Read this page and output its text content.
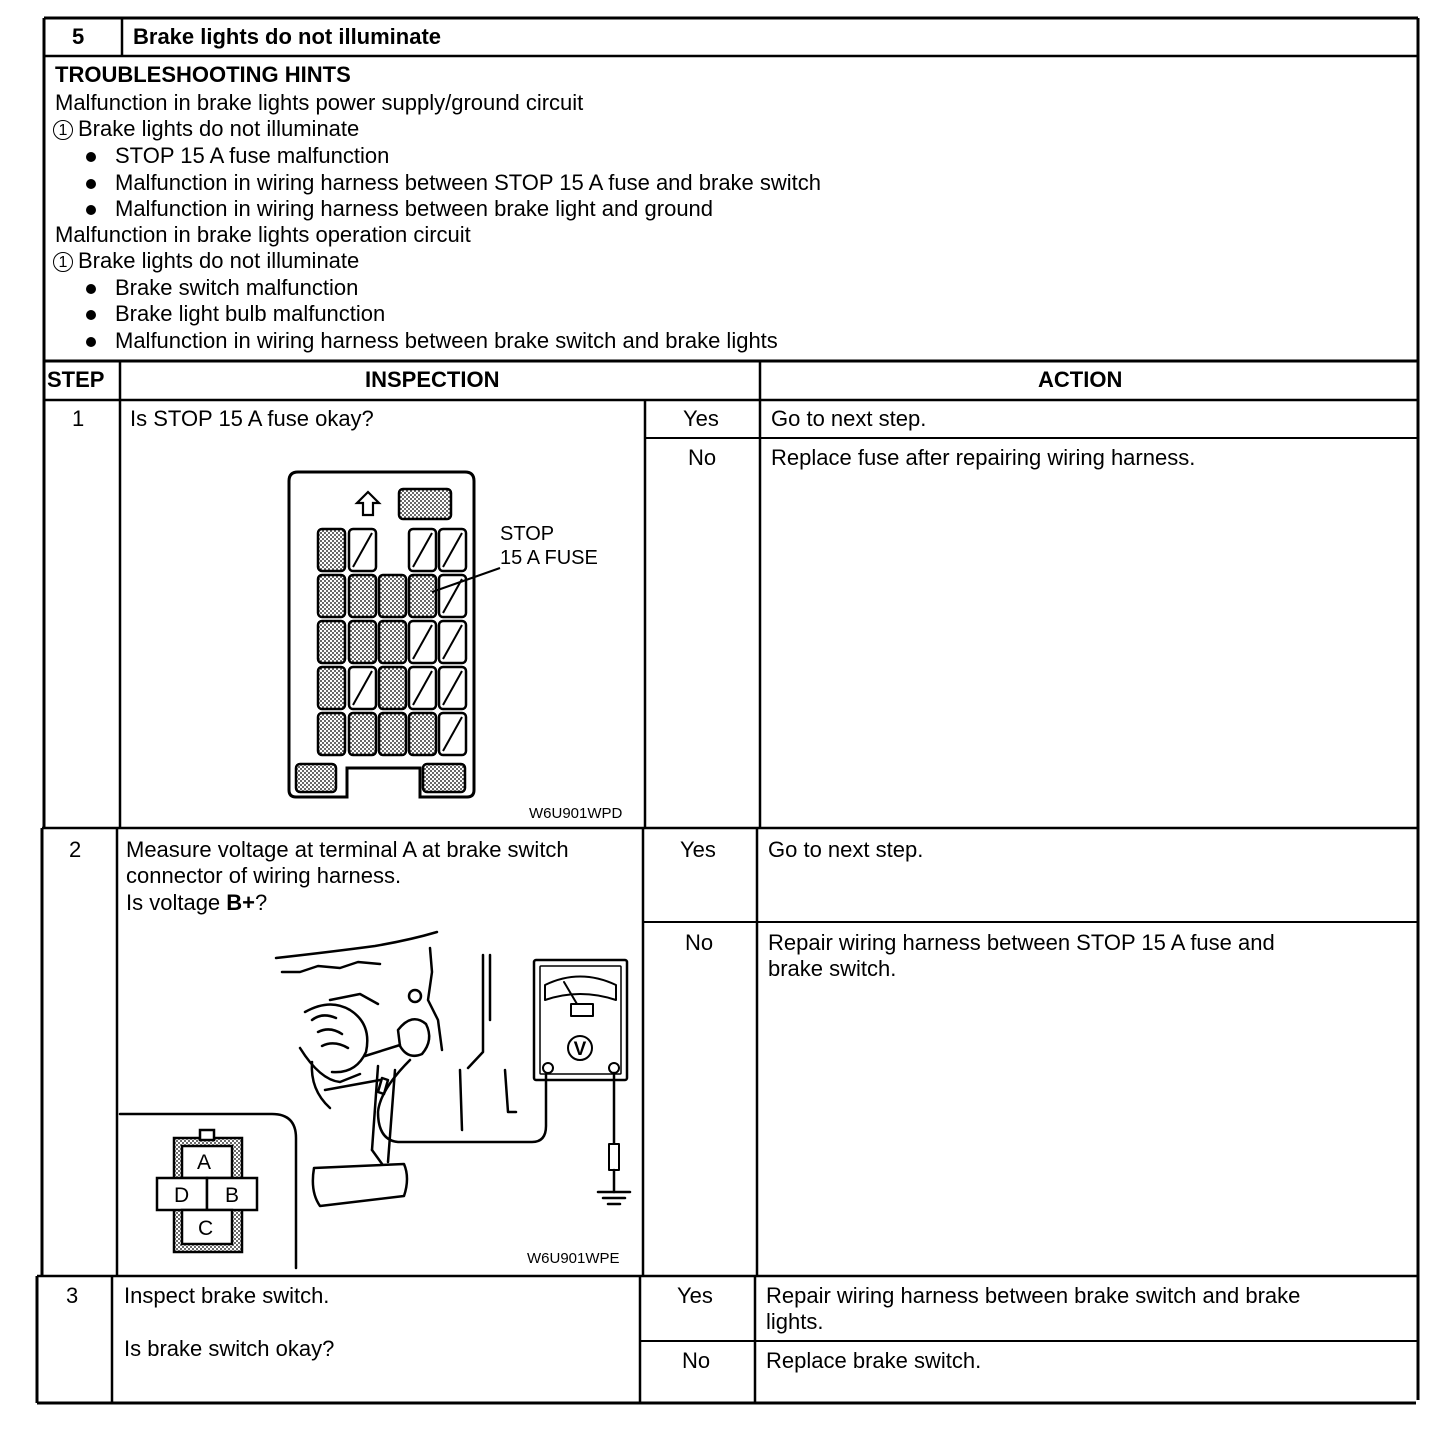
5 Brake lights do not illuminate
TROUBLESHOOTING HINTS
Malfunction in brake lights power supply/ground circuit
1 Brake lights do not illuminate
STOP 15 A fuse malfunction
Malfunction in wiring harness between STOP 15 A fuse and brake switch
Malfunction in wiring harness between brake light and ground
Malfunction in brake lights operation circuit
1 Brake lights do not illuminate
Brake switch malfunction
Brake light bulb malfunction
Malfunction in wiring harness between brake switch and brake lights
STEP	INSPECTION	ACTION
1 Is STOP 15 A fuse okay?	Yes Go to next step.
No Replace fuse after repairing wiring harness.
STOP
15 A FUSE
W6U901WPD
2 Measure voltage at terminal A at brake switch
connector of wiring harness.
Is voltage B+?
Yes Go to next step.
No Repair wiring harness between STOP 15 A fuse and
brake switch.
V
A
B
C
D
W6U901WPE
3 Inspect brake switch.
Is brake switch okay?
Yes Repair wiring harness between brake switch and brake
lights.
No	Replace brake switch.
